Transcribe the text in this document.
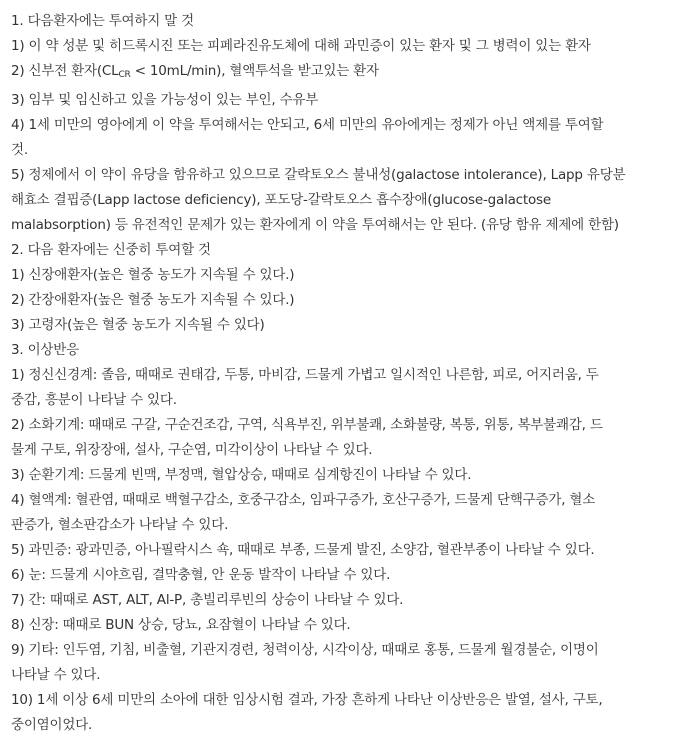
1. 다음환자에는 투여하지 말 것
1) 이 약 성분 및 히드록시진 또는 피페라진유도체에 대해 과민증이 있는 환자 및 그 병력이 있는 환자
2) 신부전 환자$(CL_{CR} < 10mL/\min)$, 혈액투석을 받고있는 환자
3) 임부 및 임신하고 있을 가능성이 있는 부인, 수유부
4) 1세 미만의 영아에게 이 약을 투여해서는 안되고, 6세 미만의 유아에게는 정제가 아닌 액제를 투여할
것.
5) 정제에서 이 약이 유당을 함유하고 있으므로 갈락토오스 불내성(galactose intolerance), Lapp 유당분
해효소 결핍증(Lapp lactose deficiency), 포도당-갈락토오스 흡수장애(glucose-galactose
malabsorption) 등 유전적인 문제가 있는 환자에게 이 약을 투여해서는 안 된다. (유당 함유 제제에 한함)
2. 다음 환자에는 신중히 투여할 것
1) 신장애환자(높은 혈중 농도가 지속될 수 있다.)
2) 간장애환자(높은 혈중 농도가 지속될 수 있다.)
3) 고령자(높은 혈중 농도가 지속될 수 있다)
3. 이상반응
1) 정신신경계: 졸음, 때때로 권태감, 두통, 마비감, 드물게 가볍고 일시적인 나른함, 피로, 어지러움, 두
중감, 흥분이 나타날 수 있다.
2) 소화기계: 때때로 구갈, 구순건조감, 구역, 식욕부진, 위부불쾌, 소화불량, 복통, 위통, 복부불쾌감, 드
물게 구토, 위장장애, 설사, 구순염, 미각이상이 나타날 수 있다.
3) 순환기계: 드물게 빈맥, 부정맥, 혈압상승, 때때로 심계항진이 나타날 수 있다.
4) 혈액계: 혈관염, 때때로 백혈구감소, 호중구감소, 임파구증가, 호산구증가, 드물게 단핵구증가, 혈소
판증가, 혈소판감소가 나타날 수 있다.
5) 과민증: 광과민증, 아나필락시스 쇽, 때때로 부종, 드물게 발진, 소양감, 혈관부종이 나타날 수 있다.
6) 눈: 드물게 시야흐림, 결막충혈, 안 운동 발작이 나타날 수 있다.
7) 간: 때때로 AST, ALT, Al-P, 총빌리루빈의 상승이 나타날 수 있다.
8) 신장: 때때로 BUN 상승, 당뇨, 요잠혈이 나타날 수 있다.
9) 기타: 인두염, 기침, 비출혈, 기관지경련, 청력이상, 시각이상, 때때로 홍통, 드물게 월경불순, 이명이
나타날 수 있다.
10) 1세 이상 6세 미만의 소아에 대한 임상시험 결과, 가장 흔하게 나타난 이상반응은 발열, 설사, 구토,
중이염이었다.
